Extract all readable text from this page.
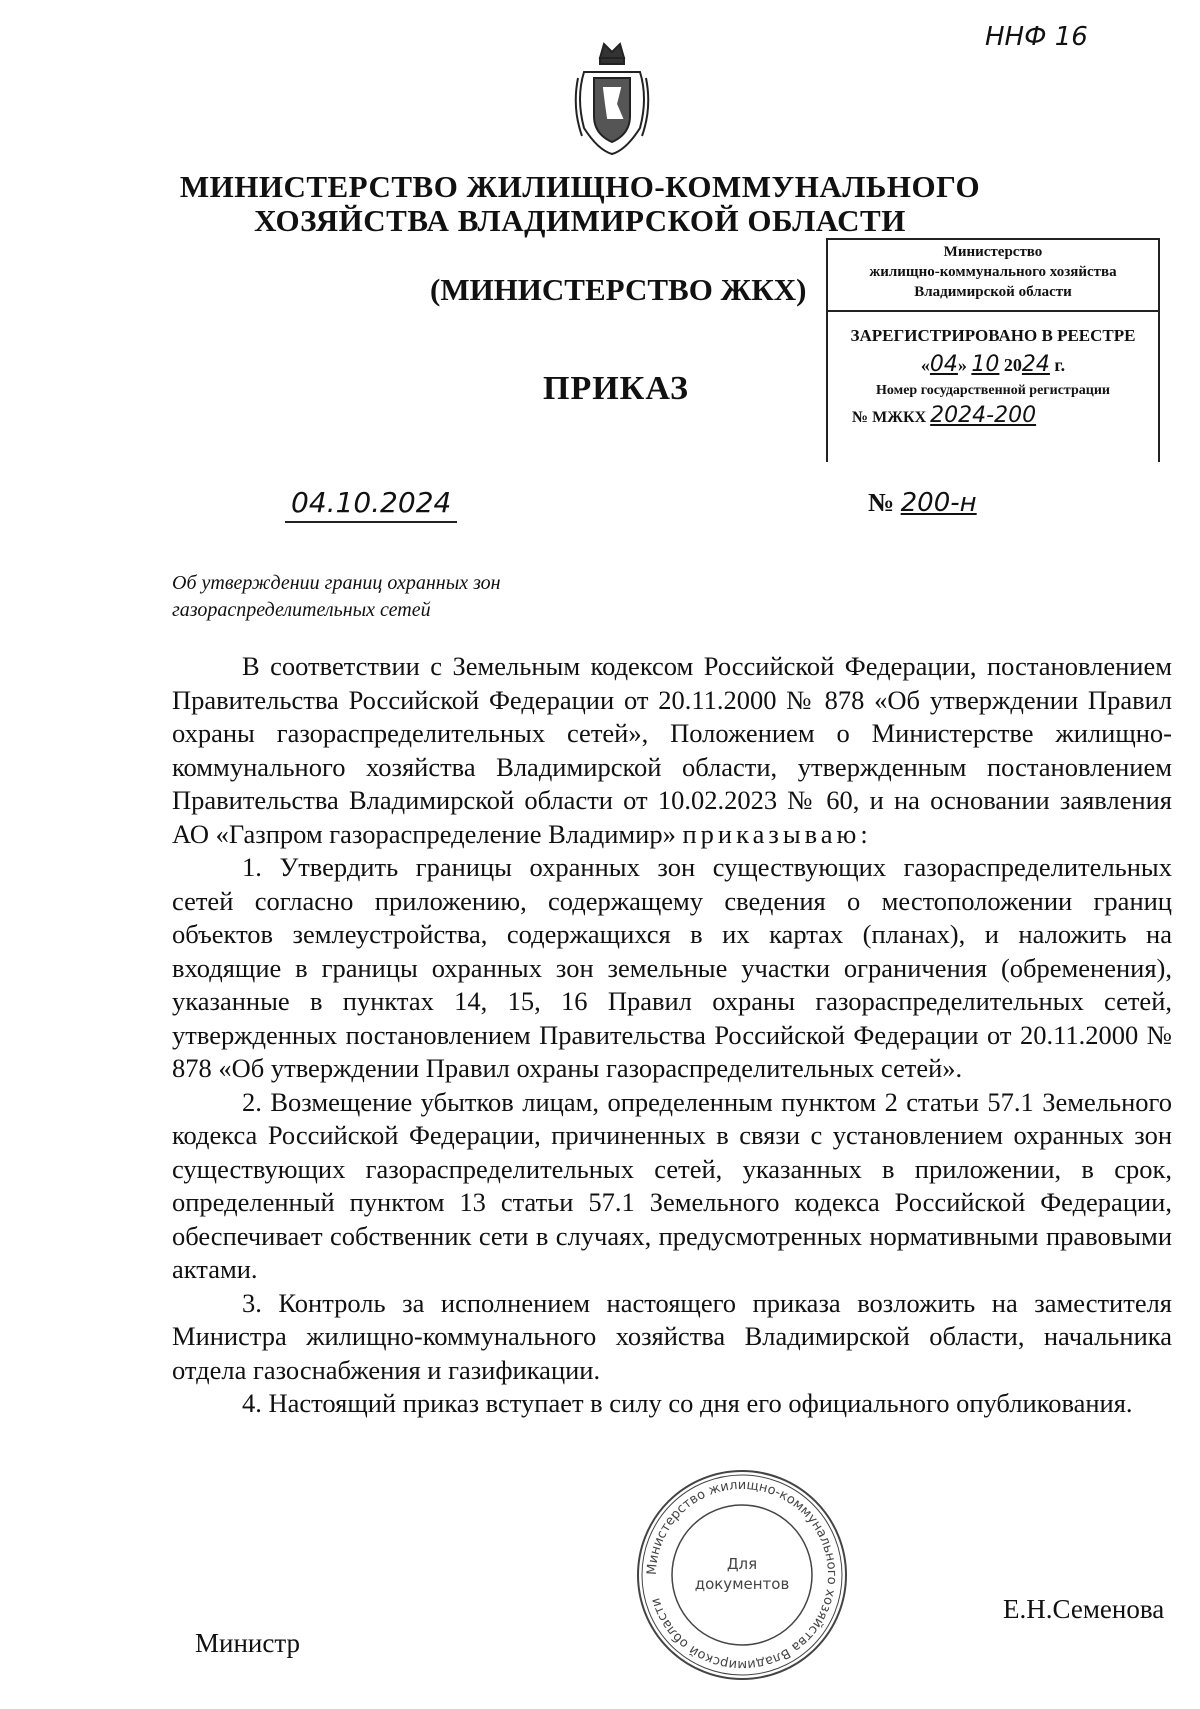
ННФ 16
МИНИСТЕРСТВО ЖИЛИЩНО-КОММУНАЛЬНОГО
ХОЗЯЙСТВА ВЛАДИМИРСКОЙ ОБЛАСТИ
(МИНИСТЕРСТВО ЖКХ)
ПРИКАЗ
Министерство
жилищно-коммунального хозяйства
Владимирской области
ЗАРЕГИСТРИРОВАНО В РЕЕСТРЕ
«04» 10 2024 г.
Номер государственной регистрации
№ МЖКХ 2024-200
04.10.2024	№ 200-н
Об утверждении границ охранных зон
газораспределительных сетей

В соответствии с Земельным кодексом Российской Федерации, постановлением Правительства Российской Федерации от 20.11.2000 № 878 «Об утверждении Правил охраны газораспределительных сетей», Положением о Министерстве жилищно-коммунального хозяйства Владимирской области, утвержденным постановлением Правительства Владимирской области от 10.02.2023 № 60, и на основании заявления АО «Газпром газораспределение Владимир» приказываю:

1. Утвердить границы охранных зон существующих газораспределительных сетей согласно приложению, содержащему сведения о местоположении границ объектов землеустройства, содержащихся в их картах (планах), и наложить на входящие в границы охранных зон земельные участки ограничения (обременения), указанные в пунктах 14, 15, 16 Правил охраны газораспределительных сетей, утвержденных постановлением Правительства Российской Федерации от 20.11.2000 № 878 «Об утверждении Правил охраны газораспределительных сетей».

2. Возмещение убытков лицам, определенным пунктом 2 статьи 57.1 Земельного кодекса Российской Федерации, причиненных в связи с установлением охранных зон существующих газораспределительных сетей, указанных в приложении, в срок, определенный пунктом 13 статьи 57.1 Земельного кодекса Российской Федерации, обеспечивает собственник сети в случаях, предусмотренных нормативными правовыми актами.

3. Контроль за исполнением настоящего приказа возложить на заместителя Министра жилищно-коммунального хозяйства Владимирской области, начальника отдела газоснабжения и газификации.

4. Настоящий приказ вступает в силу со дня его официального опубликования.

Министерство жилищно-коммунального хозяйства Владимирской области
Для
документов
Министр
Е.Н.Семенова
